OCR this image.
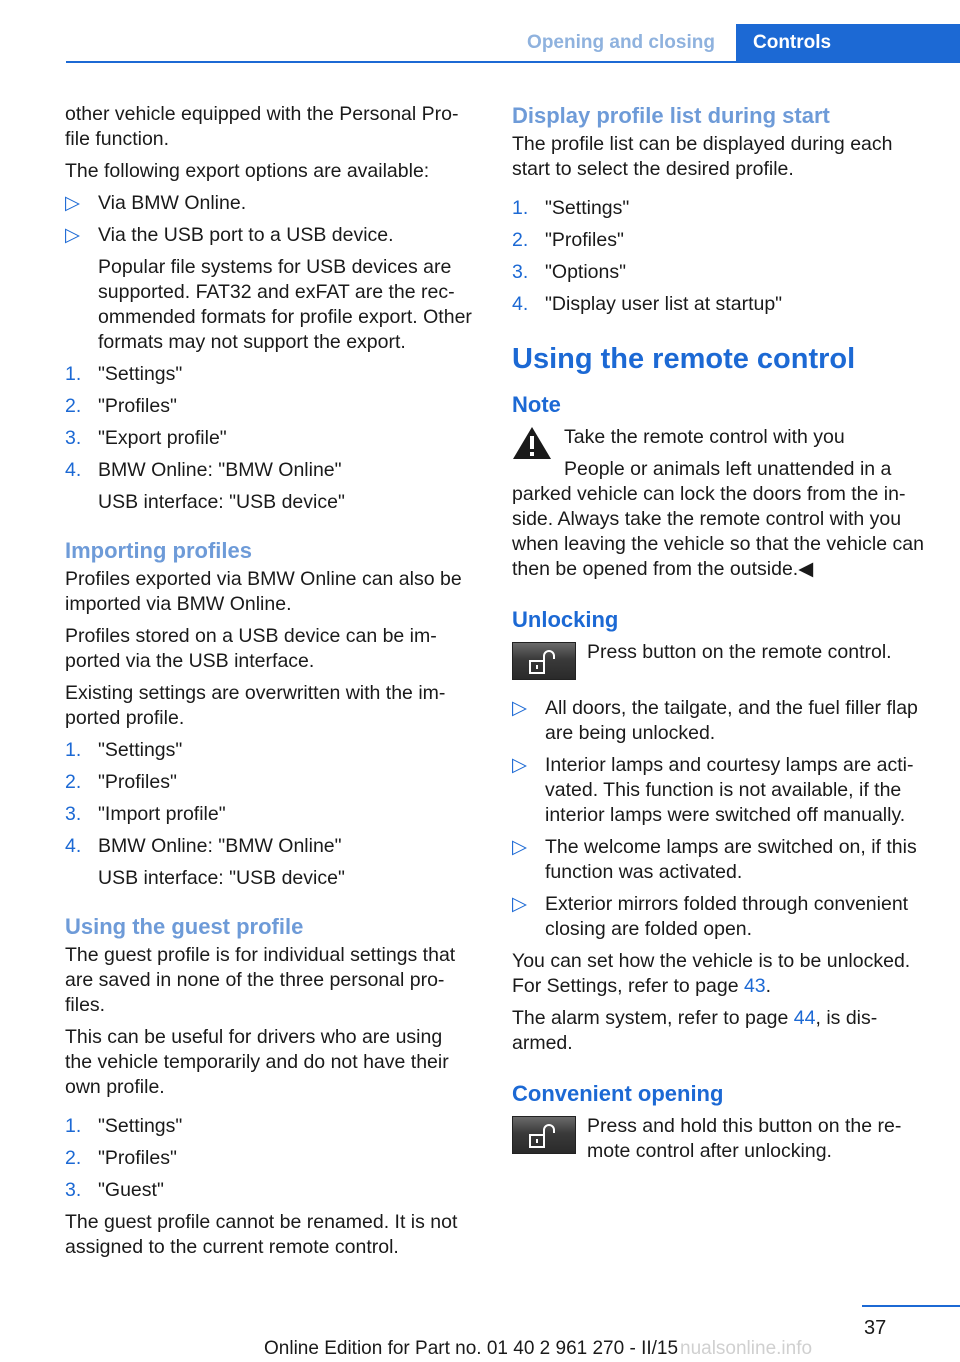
Opening and closing	Controls

other vehicle equipped with the Personal Pro‐ file function.

The following export options are available:

▷ Via BMW Online.
▷ Via the USB port to a USB device.
Popular file systems for USB devices are supported. FAT32 and exFAT are the rec‐ ommended formats for profile export. Other formats may not support the export.
1. "Settings"
2. "Profiles"
3. "Export profile"
4. BMW Online: "BMW Online"
USB interface: "USB device"
Importing profiles

Profiles exported via BMW Online can also be imported via BMW Online.

Profiles stored on a USB device can be im‐ ported via the USB interface.

Existing settings are overwritten with the im‐ ported profile.

1. "Settings"
2. "Profiles"
3. "Import profile"
4. BMW Online: "BMW Online"
USB interface: "USB device"
Using the guest profile

The guest profile is for individual settings that are saved in none of the three personal pro‐ files.

This can be useful for drivers who are using the vehicle temporarily and do not have their own profile.

1. "Settings"
2. "Profiles"
3. "Guest"

The guest profile cannot be renamed. It is not assigned to the current remote control.

Display profile list during start

The profile list can be displayed during each start to select the desired profile.

1. "Settings"
2. "Profiles"
3. "Options"
4. "Display user list at startup"
Using the remote control
Note
Take the remote control with you

People or animals left unattended in a parked vehicle can lock the doors from the in‐ side. Always take the remote control with you when leaving the vehicle so that the vehicle can then be opened from the outside.◀

Unlocking
Press button on the remote control.
▷ All doors, the tailgate, and the fuel filler flap are being unlocked.
▷ Interior lamps and courtesy lamps are acti‐ vated. This function is not available, if the interior lamps were switched off manually.
▷ The welcome lamps are switched on, if this function was activated.
▷ Exterior mirrors folded through convenient closing are folded open.

You can set how the vehicle is to be unlocked. For Settings, refer to page 43.

The alarm system, refer to page 44, is dis‐ armed.

Convenient opening
Press and hold this button on the re‐ mote control after unlocking.
37
Online Edition for Part no. 01 40 2 961 270 - II/15 nualsonline.info
